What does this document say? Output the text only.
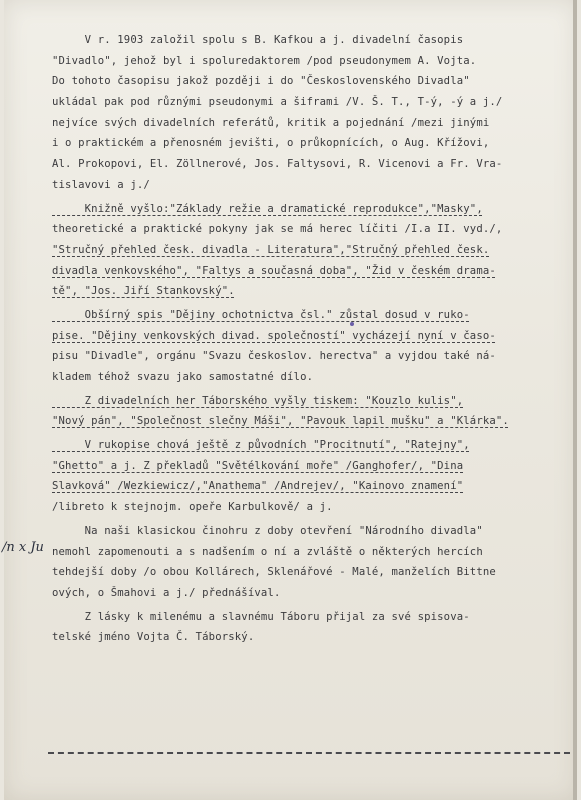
/n x Ju
V r. 1903 založil spolu s B. Kafkou a j. divadelní časopis
"Divadlo", jehož byl i spoluredaktorem /pod pseudonymem A. Vojta.
Do tohoto časopisu jakož později i do "Československého Divadla"
ukládal pak pod různými pseudonymi a šiframi /V. Š. T., T-ý, -ý a j./
nejvíce svých divadelních referátů, kritik a pojednání /mezi jinými
i o praktickém a přenosném jevišti, o průkopnících, o Aug. Křížovi,
Al. Prokopovi, El. Zöllnerové, Jos. Faltysovi, R. Vicenovi a Fr. Vra-
tislavovi a j./
Knižně vyšlo:"Základy režie a dramatické reprodukce","Masky",
theoretické a praktické pokyny jak se má herec líčiti /I.a II. vyd./,
"Stručný přehled česk. divadla - Literatura","Stručný přehled česk.
divadla venkovského", "Faltys a současná doba", "Žid v českém drama-
tě", "Jos. Jiří Stankovský".
Obšírný spis "Dějiny ochotnictva čsl." zůstal dosud v ruko-
pise. "Dějiny venkovských divad. společností" vycházejí nyní v časo-
pisu "Divadle", orgánu "Svazu českoslov. herectva" a vyjdou také ná-
kladem téhož svazu jako samostatné dílo.
Z divadelních her Táborského vyšly tiskem: "Kouzlo kulis",
"Nový pán", "Společnost slečny Máši", "Pavouk lapil mušku" a "Klárka".
V rukopise chová ještě z původních "Procitnutí", "Ratejny",
"Ghetto" a j. Z překladů "Světélkování moře" /Ganghofer/, "Dina
Slavková" /Wezkiewicz/,"Anathema" /Andrejev/, "Kainovo znamení"
/libreto k stejnojm. opeře Karbulkově/ a j.
Na naši klasickou činohru z doby otevření "Národního divadla"
nemohl zapomenouti a s nadšením o ní a zvláště o některých hercích
tehdejší doby /o obou Kollárech, Sklenářové - Malé, manželích Bittne
ových, o Šmahovi a j./ přednášíval.
Z lásky k milenému a slavnému Táboru přijal za své spisova-
telské jméno Vojta Č. Táborský.
